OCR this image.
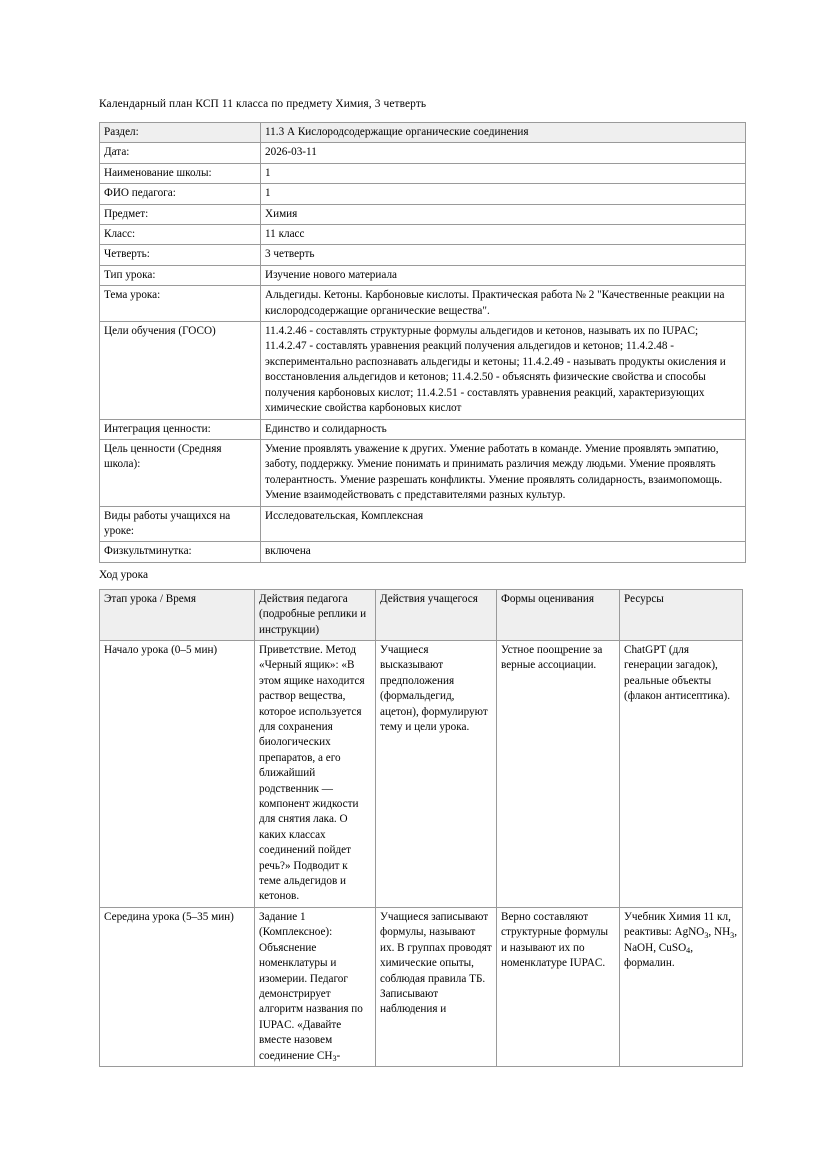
Календарный план КСП 11 класса по предмету Химия, 3 четверть
Раздел:	11.3 А Кислородсодержащие органические соединения
Дата:	2026-03-11
Наименование школы:	1
ФИО педагога:	1
Предмет:	Химия
Класс:	11 класс
Четверть:	3 четверть
Тип урока:	Изучение нового материала
Тема урока:	Альдегиды. Кетоны. Карбоновые кислоты. Практическая работа № 2 "Качественные реакции на кислородсодержащие органические вещества".
Цели обучения (ГОСО)	11.4.2.46 - составлять структурные формулы альдегидов и кетонов, называть их по IUPAC; 11.4.2.47 - составлять уравнения реакций получения альдегидов и кетонов; 11.4.2.48 - экспериментально распознавать альдегиды и кетоны; 11.4.2.49 - называть продукты окисления и восстановления альдегидов и кетонов; 11.4.2.50 - объяснять физические свойства и способы получения карбоновых кислот; 11.4.2.51 - составлять уравнения реакций, характеризующих химические свойства карбоновых кислот
Интеграция ценности:	Единство и солидарность
Цель ценности (Средняя школа):	Умение проявлять уважение к других. Умение работать в команде. Умение проявлять эмпатию, заботу, поддержку. Умение понимать и принимать различия между людьми. Умение проявлять толерантность. Умение разрешать конфликты. Умение проявлять солидарность, взаимопомощь. Умение взаимодействовать с представителями разных культур.
Виды работы учащихся на уроке:	Исследовательская, Комплексная
Физкультминутка:	включена
Ход урока
Этап урока / Время	Действия педагога (подробные реплики и инструкции)	Действия учащегося	Формы оценивания	Ресурсы
Начало урока (0–5 мин)	Приветствие. Метод «Черный ящик»: «В этом ящике находится раствор вещества, которое используется для сохранения биологических препаратов, а его ближайший родственник — компонент жидкости для снятия лака. О каких классах соединений пойдет речь?» Подводит к теме альдегидов и кетонов.	Учащиеся высказывают предположения (формальдегид, ацетон), формулируют тему и цели урока.	Устное поощрение за верные ассоциации.	ChatGPT (для генерации загадок), реальные объекты (флакон антисептика).
Середина урока (5–35 мин)	Задание 1 (Комплексное): Объяснение номенклатуры и изомерии. Педагог демонстрирует алгоритм названия по IUPAC. «Давайте вместе назовем соединение $CH_3-$	Учащиеся записывают формулы, называют их. В группах проводят химические опыты, соблюдая правила ТБ. Записывают наблюдения и	Верно составляют структурные формулы и называют их по номенклатуре IUPAC.	Учебник Химия 11 кл, реактивы: AgNO$_3$, $NH_3$, NaOH, CuSO$_4$, формалин.
